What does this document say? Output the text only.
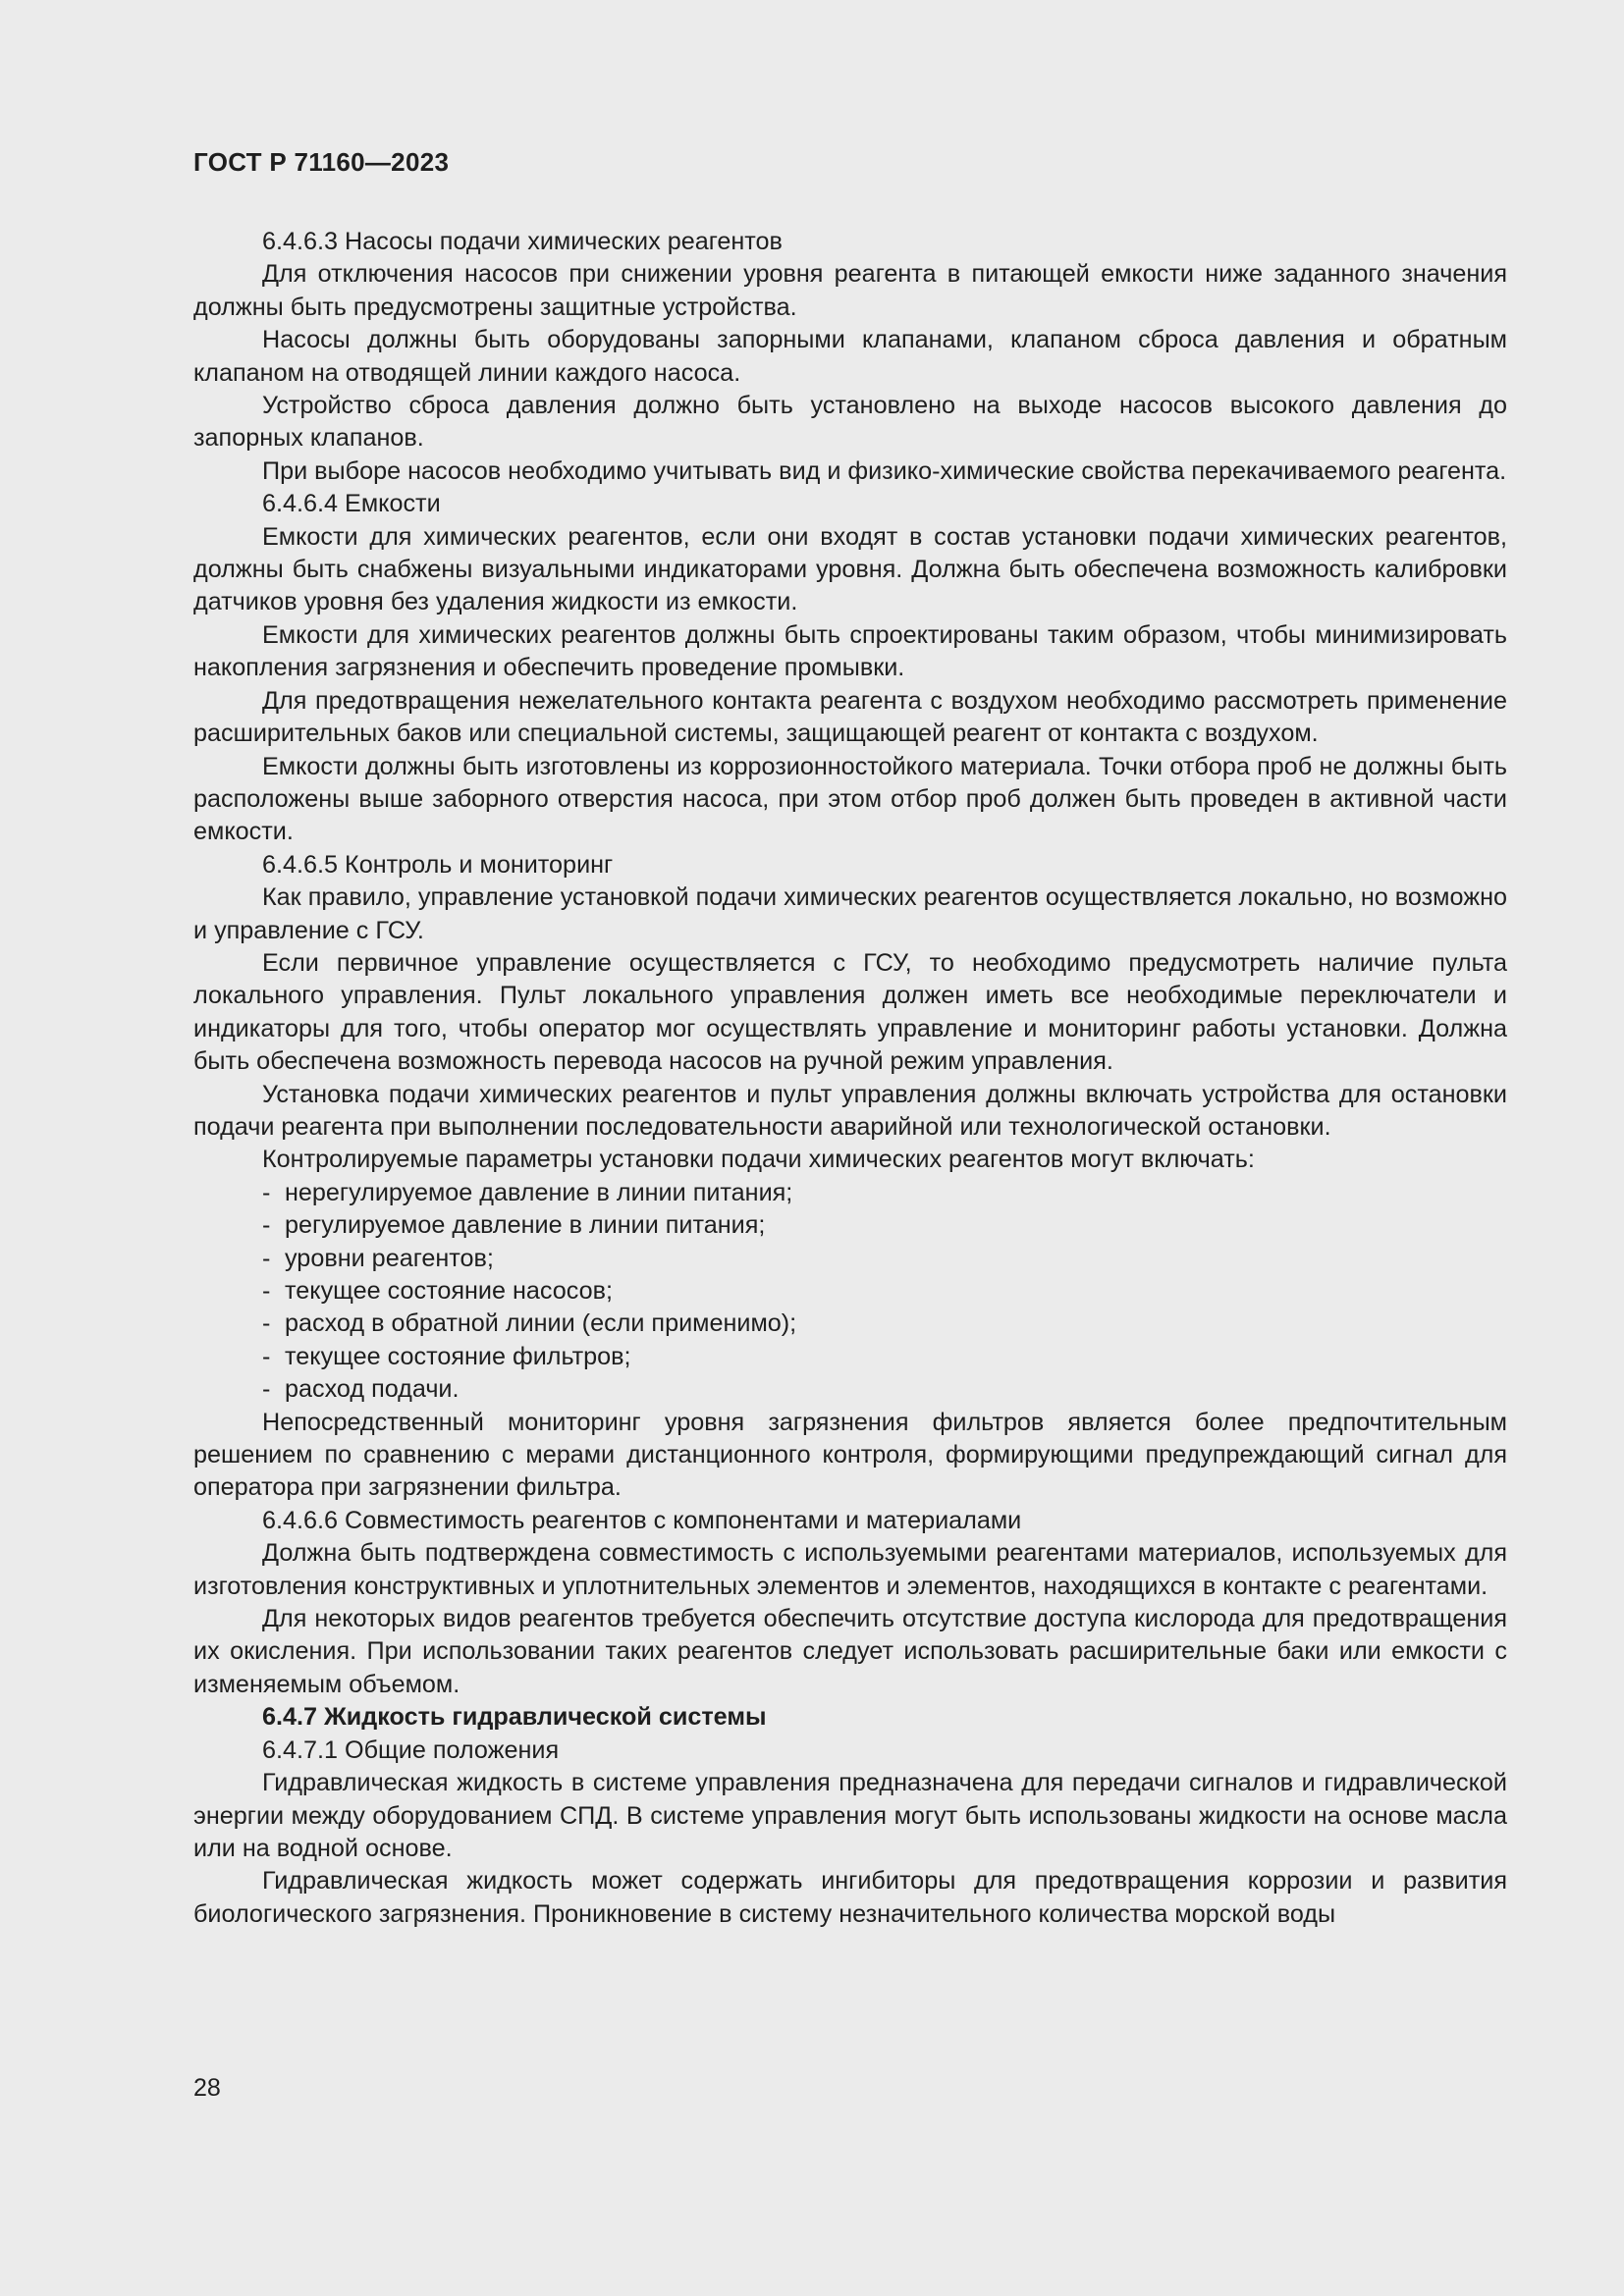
ГОСТ Р 71160—2023

6.4.6.3 Насосы подачи химических реагентов

Для отключения насосов при снижении уровня реагента в питающей емкости ниже заданного значения должны быть предусмотрены защитные устройства.

Насосы должны быть оборудованы запорными клапанами, клапаном сброса давления и обратным клапаном на отводящей линии каждого насоса.

Устройство сброса давления должно быть установлено на выходе насосов высокого давления до запорных клапанов.

При выборе насосов необходимо учитывать вид и физико-химические свойства перекачиваемого реагента.

6.4.6.4 Емкости

Емкости для химических реагентов, если они входят в состав установки подачи химических реагентов, должны быть снабжены визуальными индикаторами уровня. Должна быть обеспечена возможность калибровки датчиков уровня без удаления жидкости из емкости.

Емкости для химических реагентов должны быть спроектированы таким образом, чтобы минимизировать накопления загрязнения и обеспечить проведение промывки.

Для предотвращения нежелательного контакта реагента с воздухом необходимо рассмотреть применение расширительных баков или специальной системы, защищающей реагент от контакта с воздухом.

Емкости должны быть изготовлены из коррозионностойкого материала. Точки отбора проб не должны быть расположены выше заборного отверстия насоса, при этом отбор проб должен быть проведен в активной части емкости.

6.4.6.5 Контроль и мониторинг

Как правило, управление установкой подачи химических реагентов осуществляется локально, но возможно и управление с ГСУ.

Если первичное управление осуществляется с ГСУ, то необходимо предусмотреть наличие пульта локального управления. Пульт локального управления должен иметь все необходимые переключатели и индикаторы для того, чтобы оператор мог осуществлять управление и мониторинг работы установки. Должна быть обеспечена возможность перевода насосов на ручной режим управления.

Установка подачи химических реагентов и пульт управления должны включать устройства для остановки подачи реагента при выполнении последовательности аварийной или технологической остановки.

Контролируемые параметры установки подачи химических реагентов могут включать:

- нерегулируемое давление в линии питания;
- регулируемое давление в линии питания;
- уровни реагентов;
- текущее состояние насосов;
- расход в обратной линии (если применимо);
- текущее состояние фильтров;
- расход подачи.

Непосредственный мониторинг уровня загрязнения фильтров является более предпочтительным решением по сравнению с мерами дистанционного контроля, формирующими предупреждающий сигнал для оператора при загрязнении фильтра.

6.4.6.6 Совместимость реагентов с компонентами и материалами

Должна быть подтверждена совместимость с используемыми реагентами материалов, используемых для изготовления конструктивных и уплотнительных элементов и элементов, находящихся в контакте с реагентами.

Для некоторых видов реагентов требуется обеспечить отсутствие доступа кислорода для предотвращения их окисления. При использовании таких реагентов следует использовать расширительные баки или емкости с изменяемым объемом.

6.4.7 Жидкость гидравлической системы

6.4.7.1 Общие положения

Гидравлическая жидкость в системе управления предназначена для передачи сигналов и гидравлической энергии между оборудованием СПД. В системе управления могут быть использованы жидкости на основе масла или на водной основе.

Гидравлическая жидкость может содержать ингибиторы для предотвращения коррозии и развития биологического загрязнения. Проникновение в систему незначительного количества морской воды

28
